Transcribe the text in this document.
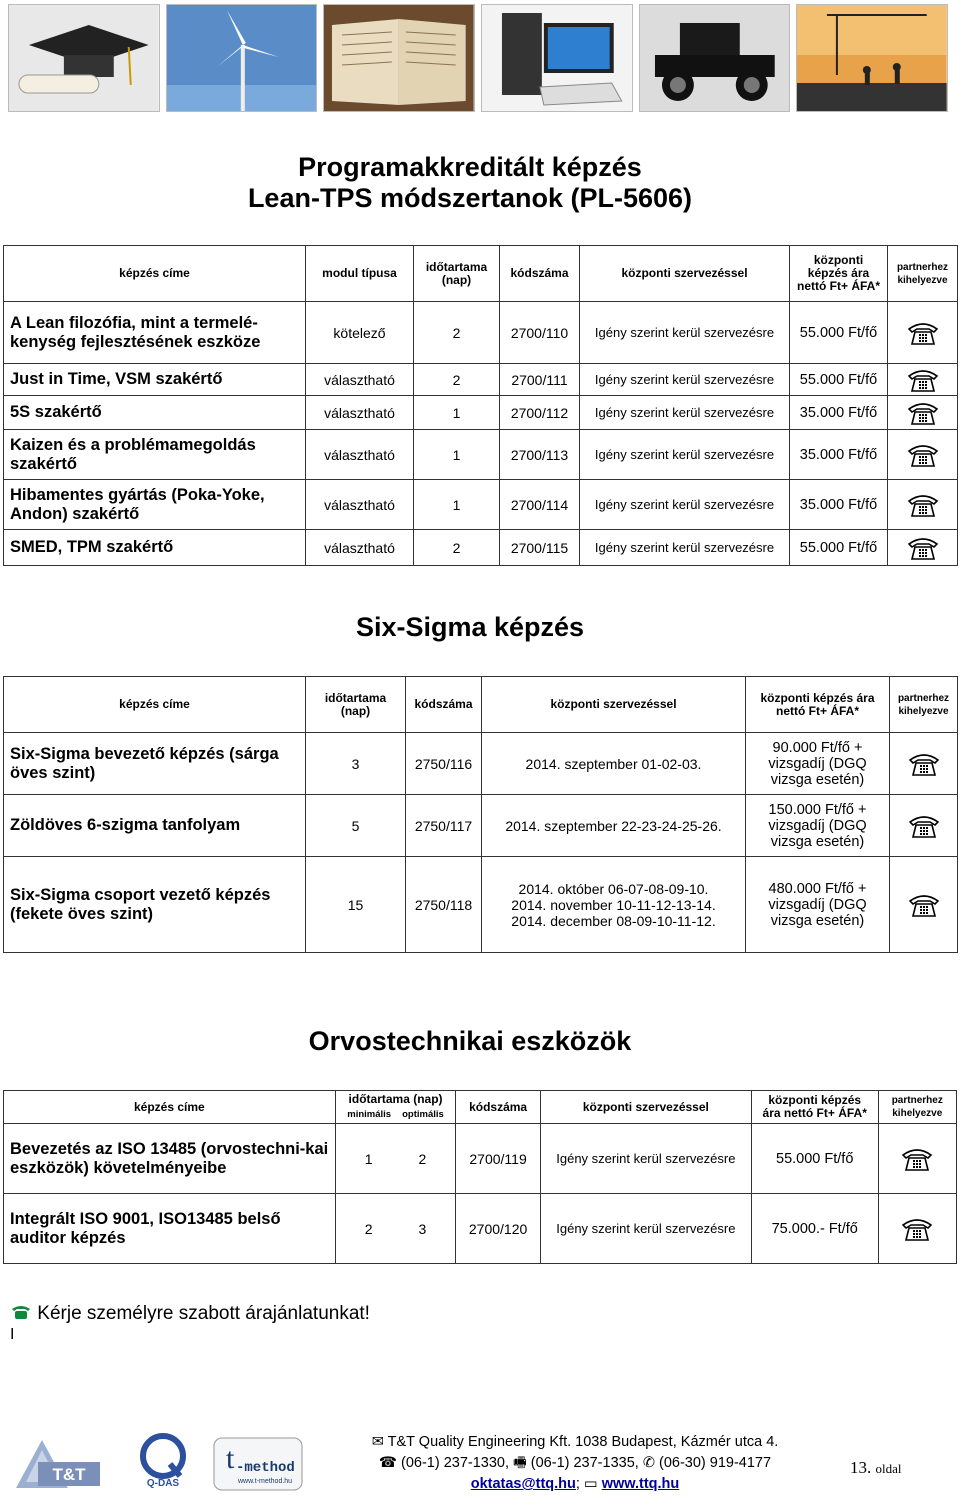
Programakkreditált képzés
Lean-TPS módszertanok (PL-5606)
képzés címe	modul típusa	időtartama (nap)	kódszáma	központi szervezéssel	központi képzés ára nettó Ft+ ÁFA*	partnerhez kihelyezve
A Lean filozófia, mint a termelé-kenység fejlesztésének eszköze	kötelező	2	2700/110	Igény szerint kerül szervezésre	55.000 Ft/fő	

Just in Time, VSM szakértő	választható	2	2700/111	Igény szerint kerül szervezésre	55.000 Ft/fő	

5S szakértő	választható	1	2700/112	Igény szerint kerül szervezésre	35.000 Ft/fő	

Kaizen és a problémamegoldás szakértő	választható	1	2700/113	Igény szerint kerül szervezésre	35.000 Ft/fő	

Hibamentes gyártás (Poka-Yoke, Andon) szakértő	választható	1	2700/114	Igény szerint kerül szervezésre	35.000 Ft/fő	

SMED, TPM szakértő	választható	2	2700/115	Igény szerint kerül szervezésre	55.000 Ft/fő	
Six-Sigma képzés
képzés címe	időtartama (nap)	kódszáma	központi szervezéssel	központi képzés ára nettó Ft+ ÁFA*	partnerhez kihelyezve
Six-Sigma bevezető képzés (sárga öves szint)	3	2750/116	2014. szeptember 01-02-03.	90.000 Ft/fő + vizsgadíj (DGQ vizsga esetén)	

Zöldöves 6-szigma tanfolyam	5	2750/117	2014. szeptember 22-23-24-25-26.	150.000 Ft/fő + vizsgadíj (DGQ vizsga esetén)	

Six-Sigma csoport vezető képzés (fekete öves szint)	15	2750/118	2014. október 06-07-08-09-10.
2014. november 10-11-12-13-14.
2014. december 08-09-10-11-12.	480.000 Ft/fő + vizsgadíj (DGQ vizsga esetén)	
Orvostechnikai eszközök
képzés címe	időtartama (nap)
minimális optimális	kódszáma	központi szervezéssel	központi képzés ára nettó Ft+ ÁFA*	partnerhez kihelyezve
Bevezetés az ISO 13485 (orvostechni-kai eszközök) követelményeibe	1 2	2700/119	Igény szerint kerül szervezésre	55.000 Ft/fő	

Integrált ISO 9001, ISO13485 belső auditor képzés	2 3	2700/120	Igény szerint kerül szervezésre	75.000.- Ft/fő	
Kérje személyre szabott árajánlatunkat!
I
T&T	Q-DAS
t -method
www.t-method.hu
✉ T&T Quality Engineering Kft. 1038 Budapest, Kázmér utca 4.
☎ (06-1) 237-1330, 🖷 (06-1) 237-1335, ✆ (06-30) 919-4177
oktatas@ttq.hu; ▭ www.ttq.hu
13. oldal
